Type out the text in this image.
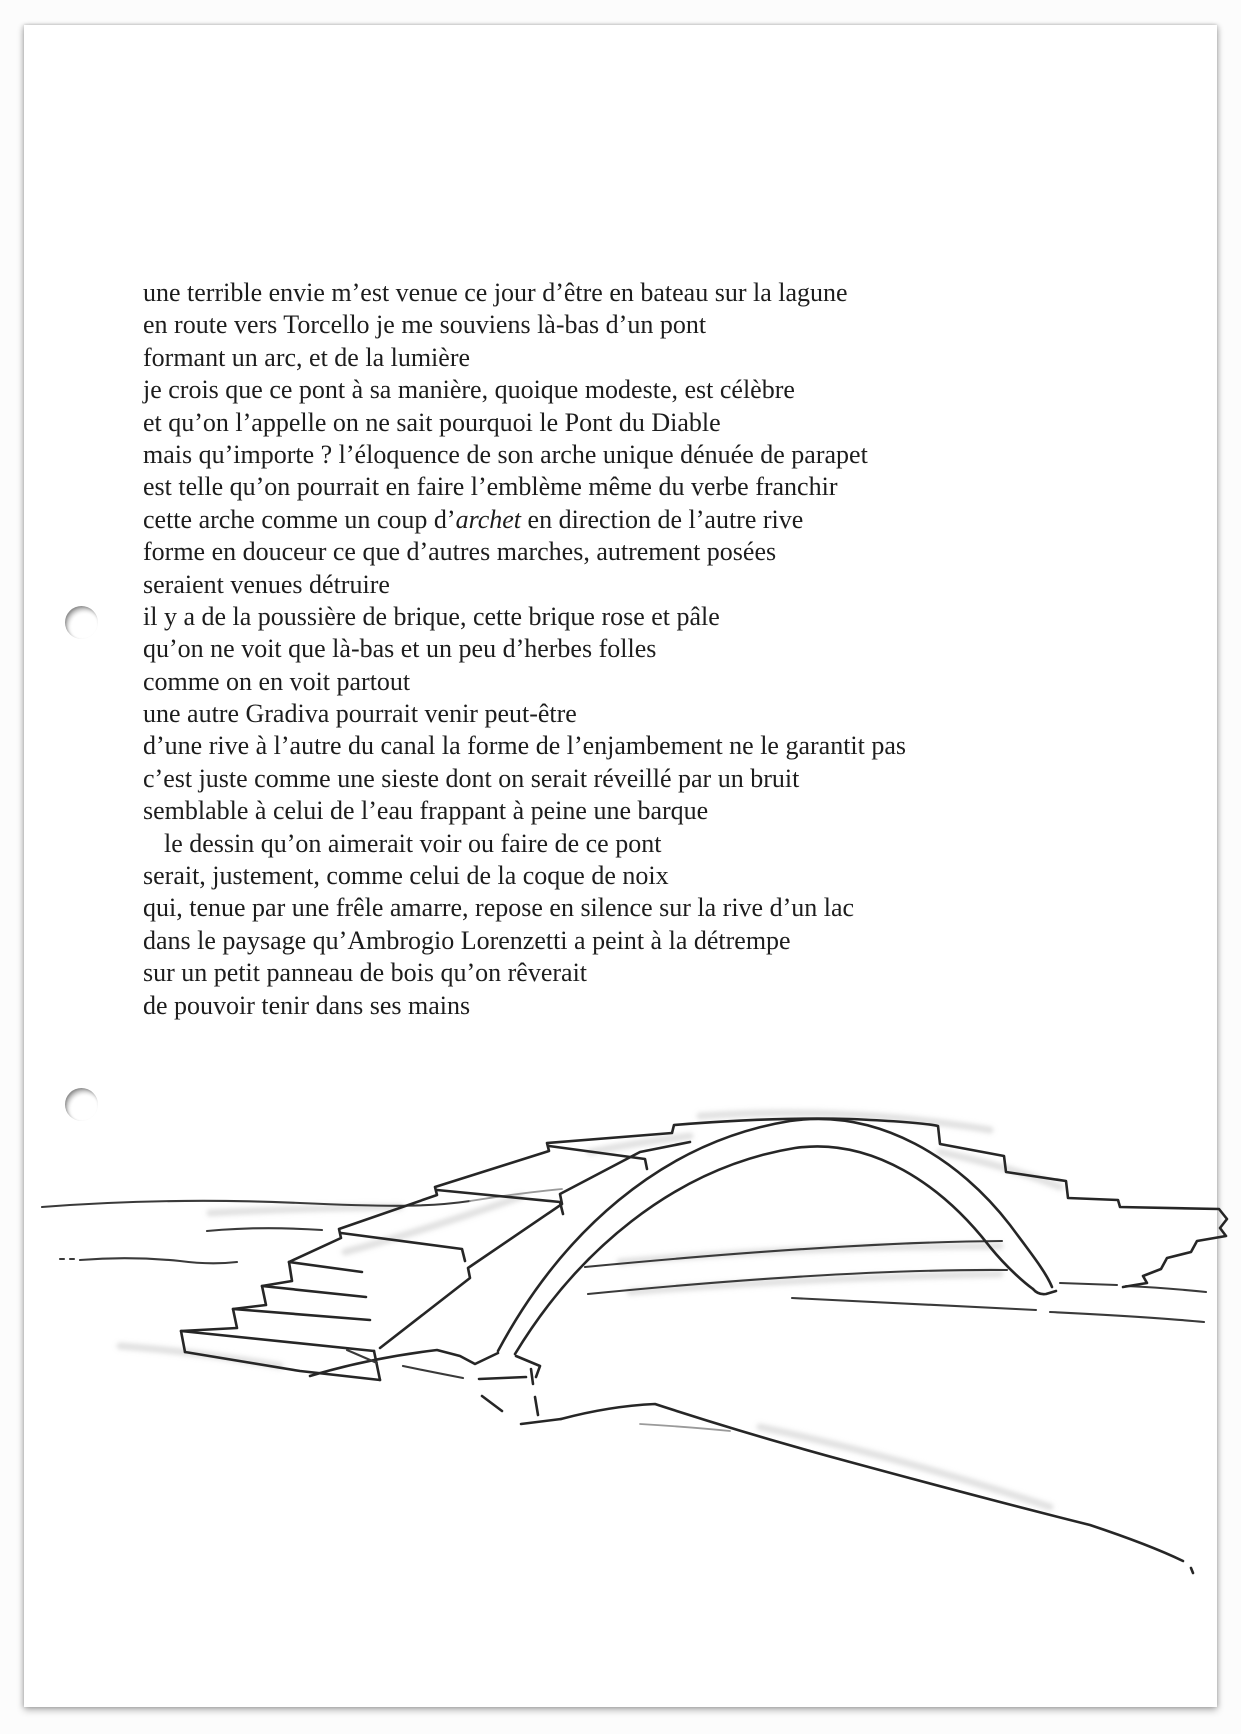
une terrible envie m’est venue ce jour d’être en bateau sur la lagune
en route vers Torcello je me souviens là-bas d’un pont
formant un arc, et de la lumière
je crois que ce pont à sa manière, quoique modeste, est célèbre
et qu’on l’appelle on ne sait pourquoi le Pont du Diable
mais qu’importe ? l’éloquence de son arche unique dénuée de parapet
est telle qu’on pourrait en faire l’emblème même du verbe franchir
cette arche comme un coup d’archet en direction de l’autre rive
forme en douceur ce que d’autres marches, autrement posées
seraient venues détruire
il y a de la poussière de brique, cette brique rose et pâle
qu’on ne voit que là-bas et un peu d’herbes folles
comme on en voit partout
une autre Gradiva pourrait venir peut-être
d’une rive à l’autre du canal la forme de l’enjambement ne le garantit pas
c’est juste comme une sieste dont on serait réveillé par un bruit
semblable à celui de l’eau frappant à peine une barque
le dessin qu’on aimerait voir ou faire de ce pont
serait, justement, comme celui de la coque de noix
qui, tenue par une frêle amarre, repose en silence sur la rive d’un lac
dans le paysage qu’Ambrogio Lorenzetti a peint à la détrempe
sur un petit panneau de bois qu’on rêverait
de pouvoir tenir dans ses mains
